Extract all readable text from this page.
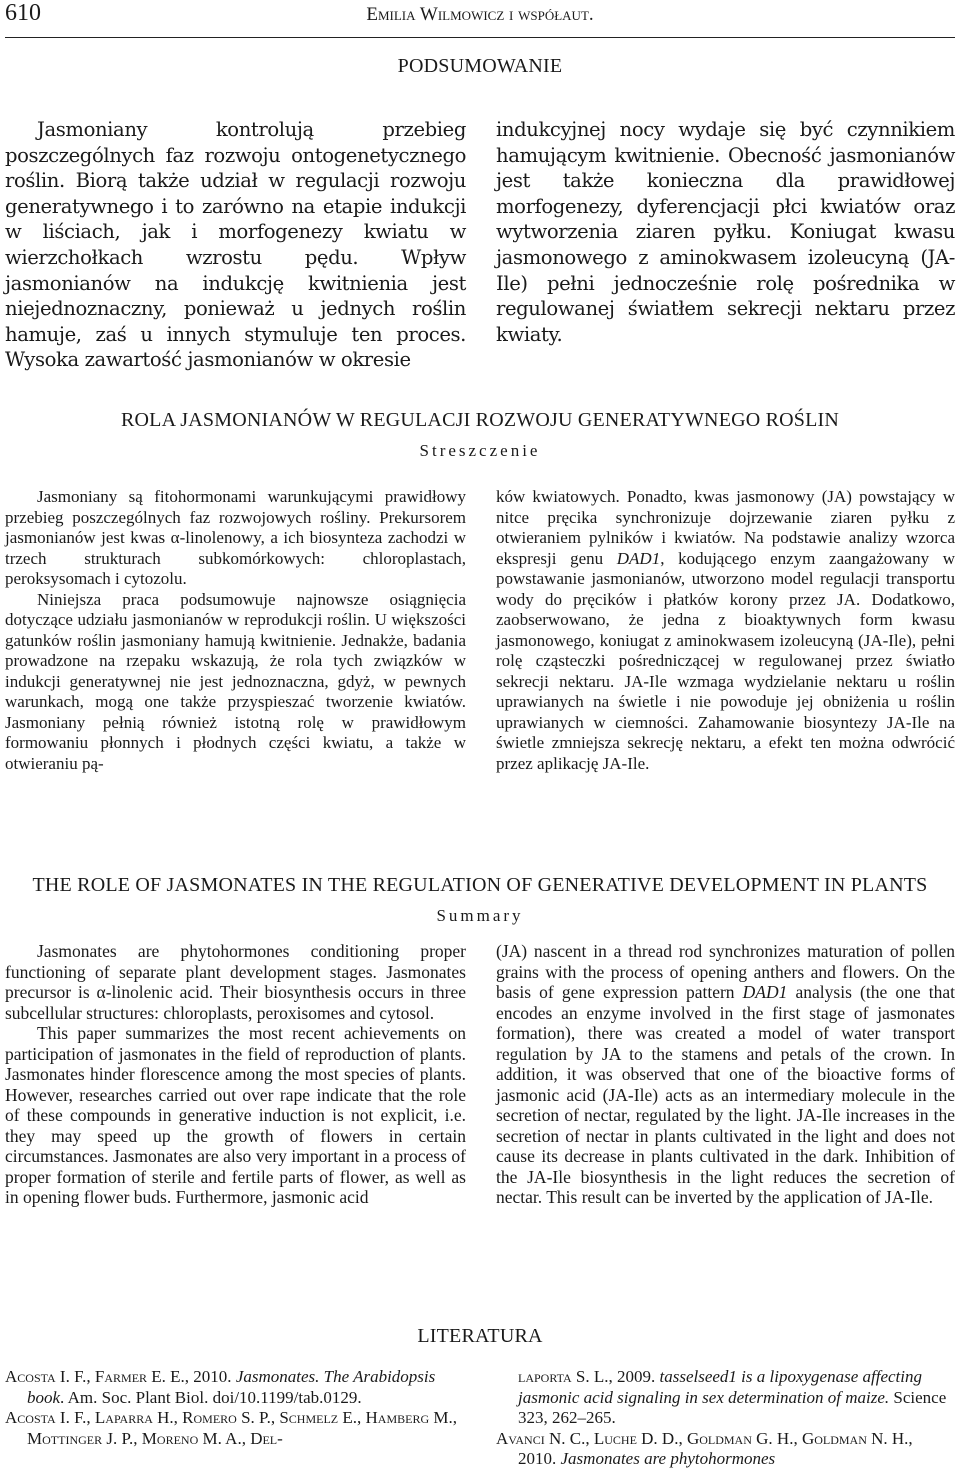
610	Emilia Wilmowicz i współaut.
PODSUMOWANIE

Jasmoniany kontrolują przebieg poszczególnych faz rozwoju ontogenetycznego roślin. Biorą także udział w regulacji rozwoju generatywnego i to zarówno na etapie indukcji w liściach, jak i morfogenezy kwiatu w wierzchołkach wzrostu pędu. Wpływ jasmonianów na indukcję kwitnienia jest niejednoznaczny, ponieważ u jednych roślin hamuje, zaś u innych stymuluje ten proces. Wysoka zawartość jasmonianów w okresie

indukcyjnej nocy wydaje się być czynnikiem hamującym kwitnienie. Obecność jasmonianów jest także konieczna dla prawidłowej morfogenezy, dyferencjacji płci kwiatów oraz wytworzenia ziaren pyłku. Koniugat kwasu jasmonowego z aminokwasem izoleucyną (JA-Ile) pełni jednocześnie rolę pośrednika w regulowanej światłem sekrecji nektaru przez kwiaty.

ROLA JASMONIANÓW W REGULACJI ROZWOJU GENERATYWNEGO ROŚLIN
Streszczenie

Jasmoniany są fitohormonami warunkującymi prawidłowy przebieg poszczególnych faz rozwojowych rośliny. Prekursorem jasmonianów jest kwas α-linolenowy, a ich biosynteza zachodzi w trzech strukturach subkomórkowych: chloroplastach, peroksysomach i cytozolu.

Niniejsza praca podsumowuje najnowsze osiągnięcia dotyczące udziału jasmonianów w reprodukcji roślin. U większości gatunków roślin jasmoniany hamują kwitnienie. Jednakże, badania prowadzone na rzepaku wskazują, że rola tych związków w indukcji generatywnej nie jest jednoznaczna, gdyż, w pewnych warunkach, mogą one także przyspieszać tworzenie kwiatów. Jasmoniany pełnią również istotną rolę w prawidłowym formowaniu płonnych i płodnych części kwiatu, a także w otwieraniu pą-

ków kwiatowych. Ponadto, kwas jasmonowy (JA) powstający w nitce pręcika synchronizuje dojrzewanie ziaren pyłku z otwieraniem pylników i kwiatów. Na podstawie analizy wzorca ekspresji genu DAD1, kodującego enzym zaangażowany w powstawanie jasmonianów, utworzono model regulacji transportu wody do pręcików i płatków korony przez JA. Dodatkowo, zaobserwowano, że jedna z bioaktywnych form kwasu jasmonowego, koniugat z aminokwasem izoleucyną (JA-Ile), pełni rolę cząsteczki pośredniczącej w regulowanej przez światło sekrecji nektaru. JA-Ile wzmaga wydzielanie nektaru u roślin uprawianych na świetle i nie powoduje jej obniżenia u roślin uprawianych w ciemności. Zahamowanie biosyntezy JA-Ile na świetle zmniejsza sekrecję nektaru, a efekt ten można odwrócić przez aplikację JA-Ile.

THE ROLE OF JASMONATES IN THE REGULATION OF GENERATIVE DEVELOPMENT IN PLANTS
Summary

Jasmonates are phytohormones conditioning proper functioning of separate plant development stages. Jasmonates precursor is α-linolenic acid. Their biosynthesis occurs in three subcellular structures: chloroplasts, peroxisomes and cytosol.

This paper summarizes the most recent achievements on participation of jasmonates in the field of reproduction of plants. Jasmonates hinder florescence among the most species of plants. However, researches carried out over rape indicate that the role of these compounds in generative induction is not explicit, i.e. they may speed up the growth of flowers in certain circumstances. Jasmonates are also very important in a process of proper formation of sterile and fertile parts of flower, as well as in opening flower buds. Furthermore, jasmonic acid

(JA) nascent in a thread rod synchronizes maturation of pollen grains with the process of opening anthers and flowers. On the basis of gene expression pattern DAD1 analysis (the one that encodes an enzyme involved in the first stage of jasmonates formation), there was created a model of water transport regulation by JA to the stamens and petals of the crown. In addition, it was observed that one of the bioactive forms of jasmonic acid (JA-Ile) acts as an intermediary molecule in the secretion of nectar, regulated by the light. JA-Ile increases in the secretion of nectar in plants cultivated in the light and does not cause its decrease in plants cultivated in the dark. Inhibition of the JA-Ile biosynthesis in the light reduces the secretion of nectar. This result can be inverted by the application of JA-Ile.

LITERATURA

Acosta I. F., Farmer E. E., 2010. Jasmonates. The Arabidopsis book. Am. Soc. Plant Biol. doi/10.1199/tab.0129.

Acosta I. F., Laparra H., Romero S. P., Schmelz E., Hamberg M., Mottinger J. P., Moreno M. A., Del-

laporta S. L., 2009. tasselseed1 is a lipoxygenase affecting jasmonic acid signaling in sex determination of maize. Science 323, 262–265.

Avanci N. C., Luche D. D., Goldman G. H., Goldman N. H., 2010. Jasmonates are phytohormones
